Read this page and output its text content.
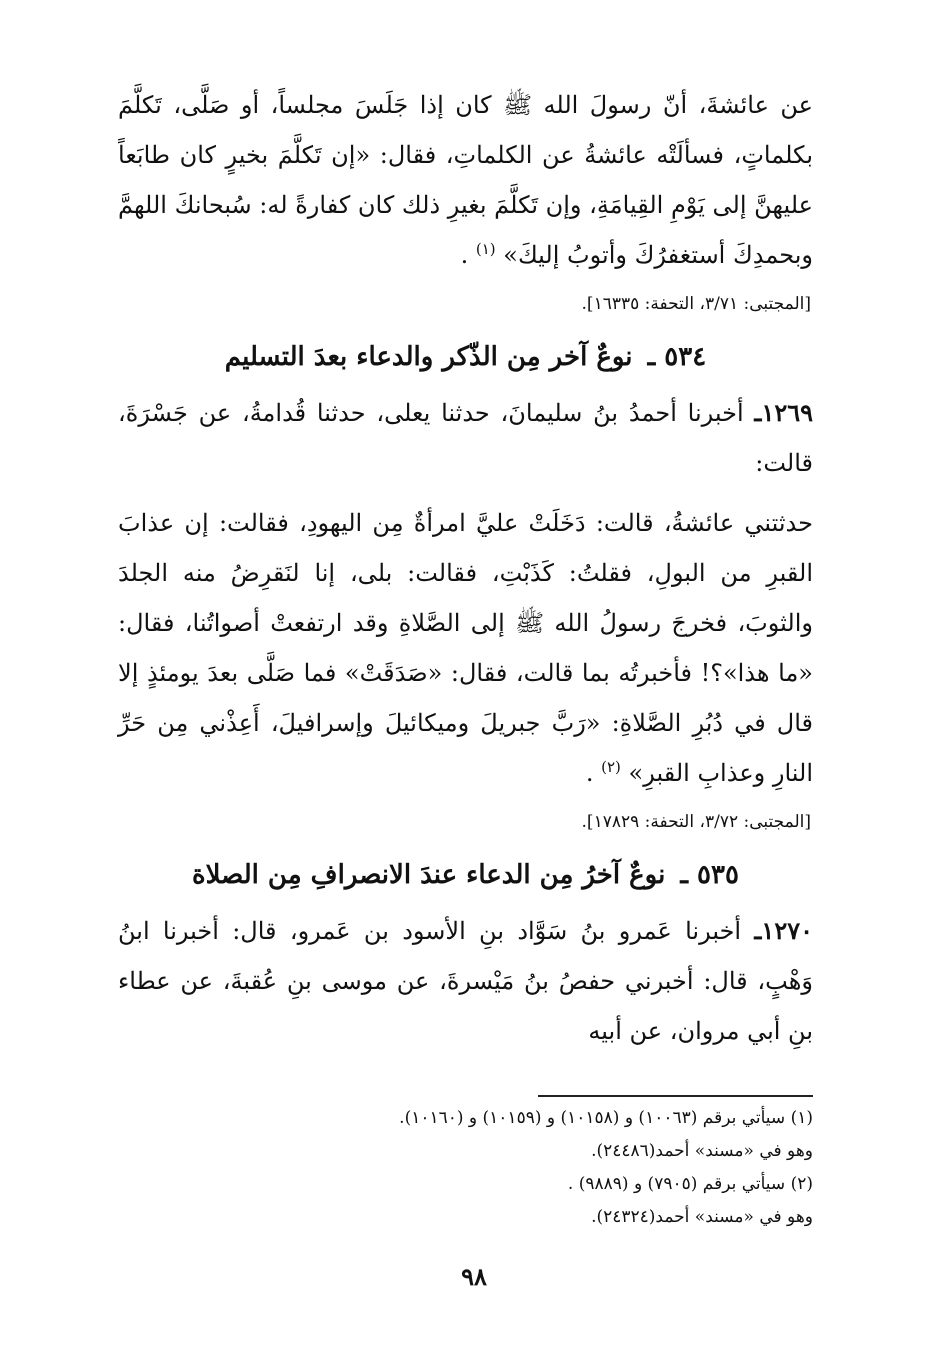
عن عائشةَ، أنّ رسولَ الله ﷺ كان إذا جَلَسَ مجلساً، أو صَلَّى، تَكلَّمَ بكلماتٍ، فسألَتْه عائشةُ عن الكلماتِ، فقال: «إن تَكلَّمَ بخيرٍ كان طابَعاً عليهنَّ إلى يَوْمِ القِيامَةِ، وإن تَكلَّمَ بغيرِ ذلك كان كفارةً له: سُبحانكَ اللهمَّ وبحمدِكَ أستغفرُكَ وأتوبُ إليكَ» $^{(١)}$ .

[المجتبى: ٣/٧١، التحفة: ١٦٣٣٥].

٥٣٤ ـ نوعٌ آخر مِن الذّكر والدعاء بعدَ التسليم

١٢٦٩ـ أخبرنا أحمدُ بنُ سليمانَ، حدثنا يعلى، حدثنا قُدامةُ، عن جَسْرَةَ، قالت:

حدثتني عائشةُ، قالت: دَخَلَتْ عليَّ امرأةٌ مِن اليهودِ، فقالت: إن عذابَ القبرِ من البولِ، فقلتُ: كَذَبْتِ، فقالت: بلى، إنا لنَقرِضُ منه الجلدَ والثوبَ، فخرجَ رسولُ الله ﷺ إلى الصَّلاةِ وقد ارتفعتْ أصواتُنا، فقال: «ما هذا»؟! فأخبرتُه بما قالت، فقال: «صَدَقَتْ» فما صَلَّى بعدَ يومئذٍ إلا قال في دُبُرِ الصَّلاةِ: «رَبَّ جبريلَ وميكائيلَ وإسرافيلَ، أَعِذْني مِن حَرِّ النارِ وعذابِ القبرِ» $^{(٢)}$ .

[المجتبى: ٣/٧٢، التحفة: ١٧٨٢٩].

٥٣٥ ـ نوعٌ آخرُ مِن الدعاء عندَ الانصرافِ مِن الصلاة

١٢٧٠ـ أخبرنا عَمرو بنُ سَوَّاد بنِ الأسود بن عَمرو، قال: أخبرنا ابنُ وَهْبٍ، قال: أخبرني حفصُ بنُ مَيْسرةَ، عن موسى بنِ عُقبةَ، عن عطاء بنِ أبي مروان، عن أبيه

(١) سيأتي برقم (١٠٠٦٣) و (١٠١٥٨) و (١٠١٥٩) و (١٠١٦٠).
وهو في «مسند» أحمد(٢٤٤٨٦).
(٢) سيأتي برقم (٧٩٠٥) و (٩٨٨٩) .
وهو في «مسند» أحمد(٢٤٣٢٤).
٩٨
